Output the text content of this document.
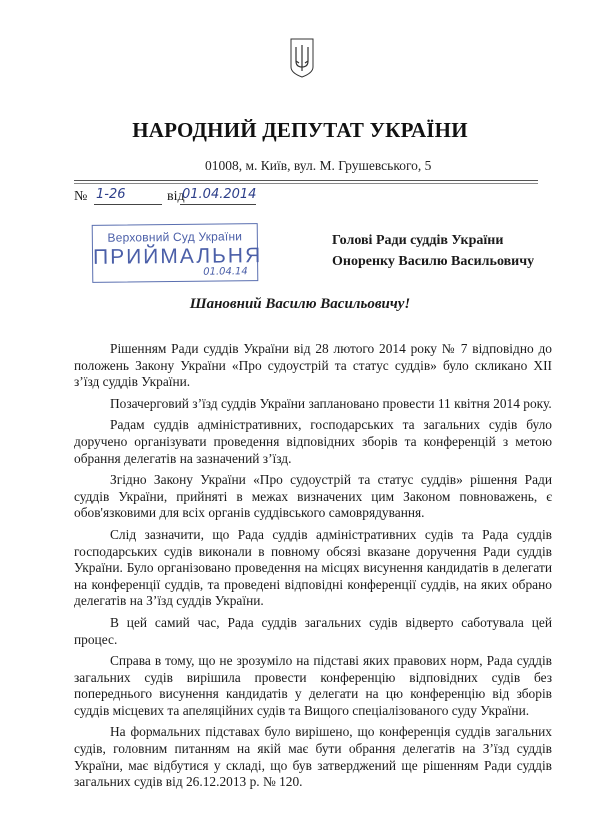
НАРОДНИЙ ДЕПУТАТ УКРАЇНИ
01008, м. Київ, вул. М. Грушевського, 5
№ 1-26	від
01.04.2014
Верховний Суд України
ПРИЙМАЛЬНЯ
01.04.14
Голові Ради суддів України
Оноренку Василю Васильовичу
Шановний Василю Васильовичу!

Рішенням Ради суддів України від 28 лютого 2014 року № 7 відповідно до положень Закону України «Про судоустрій та статус суддів» було скликано XII з’їзд суддів України.

Позачерговий з’їзд суддів України заплановано провести 11 квітня 2014 року.

Радам суддів адміністративних, господарських та загальних судів було доручено організувати проведення відповідних зборів та конференцій з метою обрання делегатів на зазначений з’їзд.

Згідно Закону України «Про судоустрій та статус суддів» рішення Ради суддів України, прийняті в межах визначених цим Законом повноважень, є обов'язковими для всіх органів суддівського самоврядування.

Слід зазначити, що Рада суддів адміністративних судів та Рада суддів господарських судів виконали в повному обсязі вказане доручення Ради суддів України. Було організовано проведення на місцях висунення кандидатів в делегати на конференції суддів, та проведені відповідні конференції суддів, на яких обрано делегатів на З’їзд суддів України.

В цей самий час, Рада суддів загальних судів відверто саботувала цей процес.

Справа в тому, що не зрозуміло на підставі яких правових норм, Рада суддів загальних судів вирішила провести конференцію відповідних судів без попереднього висунення кандидатів у делегати на цю конференцію від зборів суддів місцевих та апеляційних судів та Вищого спеціалізованого суду України.

На формальних підставах було вирішено, що конференція суддів загальних судів, головним питанням на якій має бути обрання делегатів на З’їзд суддів України, має відбутися у складі, що був затверджений ще рішенням Ради суддів загальних судів від 26.12.2013 р. № 120.
